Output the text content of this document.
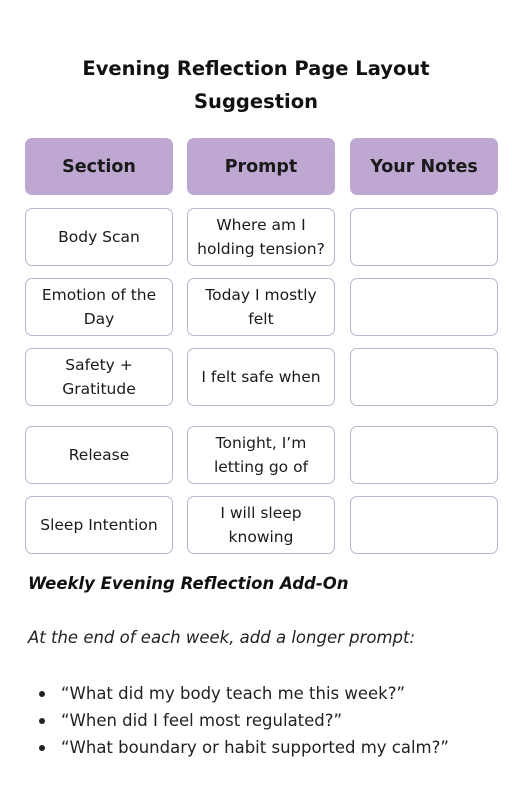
Evening Reflection Page Layout Suggestion
Section	Prompt	Your Notes
Body Scan
Where am I holding tension?
Emotion of the Day
Today I mostly felt
Safety + Gratitude
I felt safe when
Release
Tonight, I’m letting go of
Sleep Intention
I will sleep knowing
Weekly Evening Reflection Add-On
At the end of each week, add a longer prompt:
“What did my body teach me this week?”
“When did I feel most regulated?”
“What boundary or habit supported my calm?”
